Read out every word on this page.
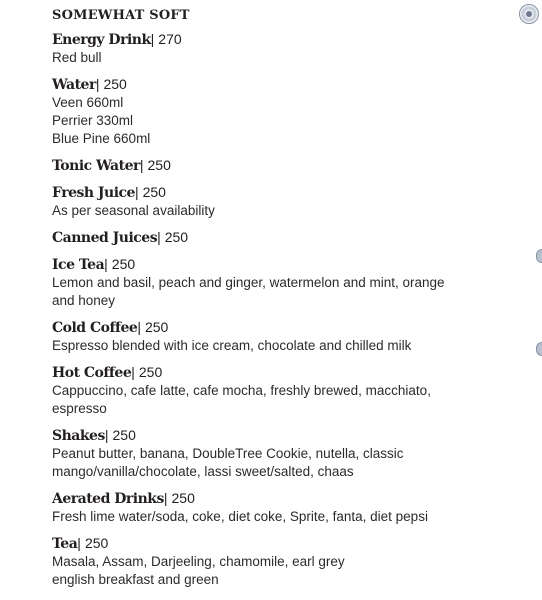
SOMEWHAT SOFT
Energy Drink| 270
Red bull
Water| 250
Veen 660ml
Perrier 330ml
Blue Pine 660ml
Tonic Water| 250
Fresh Juice| 250
As per seasonal availability
Canned Juices| 250
Ice Tea| 250
Lemon and basil, peach and ginger, watermelon and mint, orange
and honey
Cold Coffee| 250
Espresso blended with ice cream, chocolate and chilled milk
Hot Coffee| 250
Cappuccino, cafe latte, cafe mocha, freshly brewed, macchiato,
espresso
Shakes| 250
Peanut butter, banana, DoubleTree Cookie, nutella, classic
mango/vanilla/chocolate, lassi sweet/salted, chaas
Aerated Drinks| 250
Fresh lime water/soda, coke, diet coke, Sprite, fanta, diet pepsi
Tea| 250
Masala, Assam, Darjeeling, chamomile, earl grey
english breakfast and green
